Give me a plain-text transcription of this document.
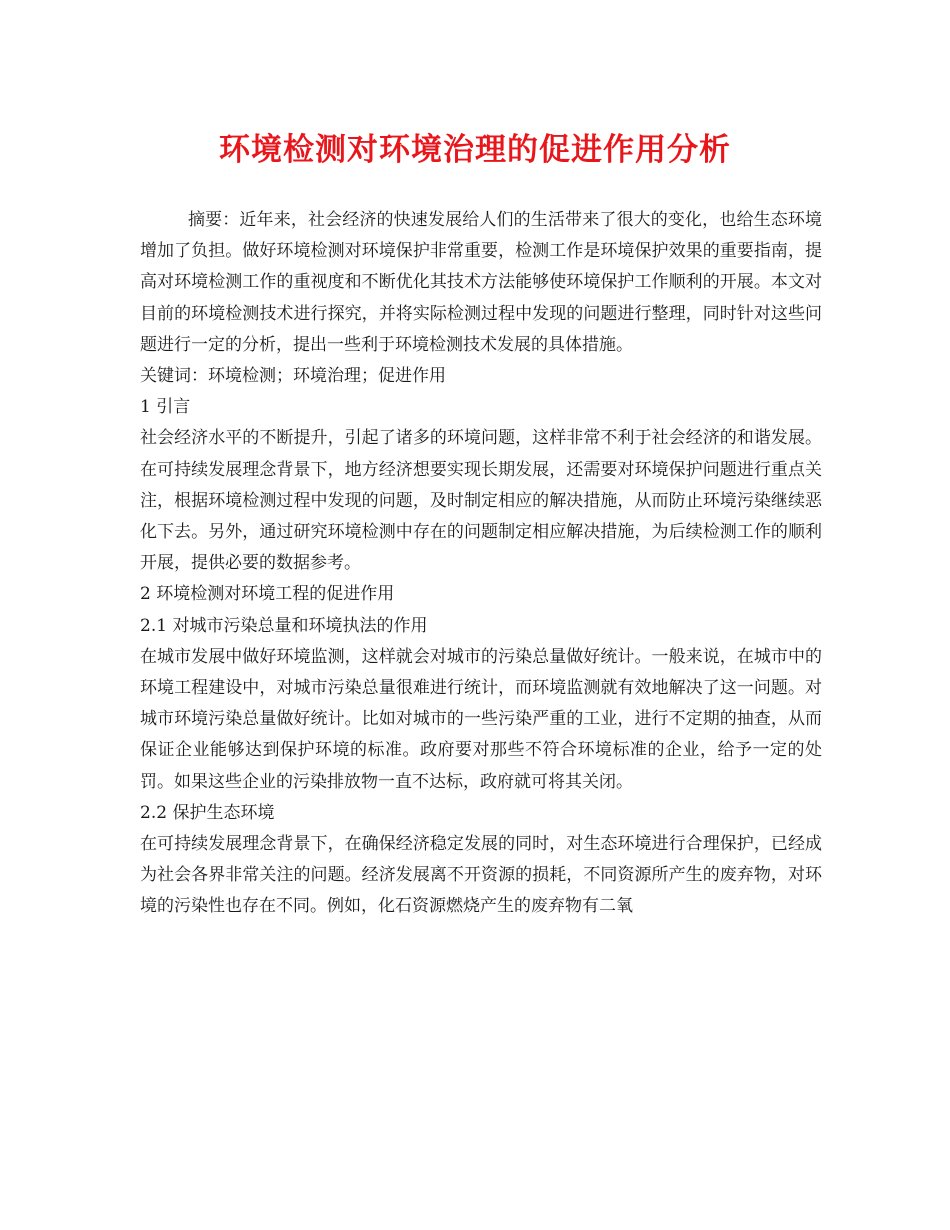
环境检测对环境治理的促进作用分析

摘要：近年来，社会经济的快速发展给人们的生活带来了很大的变化，也给生态环境增加了负担。做好环境检测对环境保护非常重要，检测工作是环境保护效果的重要指南，提高对环境检测工作的重视度和不断优化其技术方法能够使环境保护工作顺利的开展。本文对目前的环境检测技术进行探究，并将实际检测过程中发现的问题进行整理，同时针对这些问题进行一定的分析，提出一些利于环境检测技术发展的具体措施。

关键词：环境检测；环境治理；促进作用

1 引言

社会经济水平的不断提升，引起了诸多的环境问题，这样非常不利于社会经济的和谐发展。在可持续发展理念背景下，地方经济想要实现长期发展，还需要对环境保护问题进行重点关注，根据环境检测过程中发现的问题，及时制定相应的解决措施，从而防止环境污染继续恶化下去。另外，通过研究环境检测中存在的问题制定相应解决措施，为后续检测工作的顺利开展，提供必要的数据参考。

2 环境检测对环境工程的促进作用

2.1 对城市污染总量和环境执法的作用

在城市发展中做好环境监测，这样就会对城市的污染总量做好统计。一般来说，在城市中的环境工程建设中，对城市污染总量很难进行统计，而环境监测就有效地解决了这一问题。对城市环境污染总量做好统计。比如对城市的一些污染严重的工业，进行不定期的抽查，从而保证企业能够达到保护环境的标准。政府要对那些不符合环境标准的企业，给予一定的处罚。如果这些企业的污染排放物一直不达标，政府就可将其关闭。

2.2 保护生态环境

在可持续发展理念背景下，在确保经济稳定发展的同时，对生态环境进行合理保护，已经成为社会各界非常关注的问题。经济发展离不开资源的损耗，不同资源所产生的废弃物，对环境的污染性也存在不同。例如，化石资源燃烧产生的废弃物有二氧
